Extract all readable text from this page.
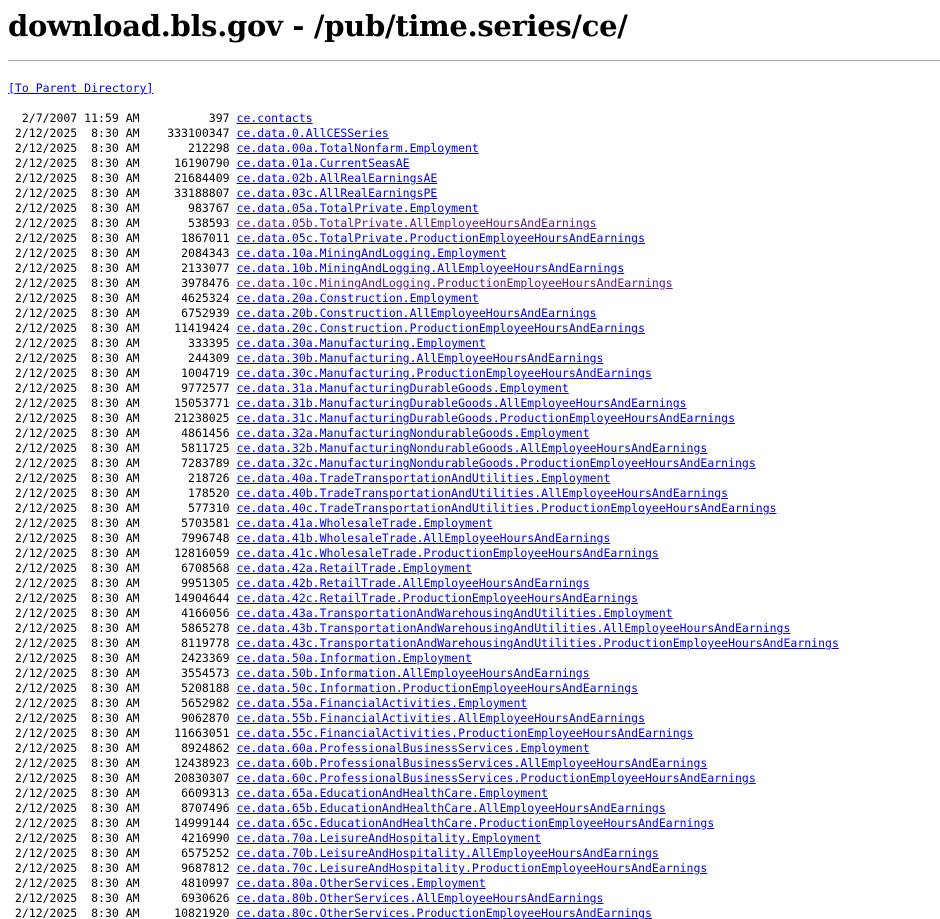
download.bls.gov - /pub/time.series/ce/
[To Parent Directory]
2/7/2007 11:59 AM          397 ce.contacts
2/12/2025  8:30 AM    333100347 ce.data.0.AllCESSeries
2/12/2025  8:30 AM       212298 ce.data.00a.TotalNonfarm.Employment
2/12/2025  8:30 AM     16190790 ce.data.01a.CurrentSeasAE
2/12/2025  8:30 AM     21684409 ce.data.02b.AllRealEarningsAE
2/12/2025  8:30 AM     33188807 ce.data.03c.AllRealEarningsPE
2/12/2025  8:30 AM       983767 ce.data.05a.TotalPrivate.Employment
2/12/2025  8:30 AM       538593 ce.data.05b.TotalPrivate.AllEmployeeHoursAndEarnings
2/12/2025  8:30 AM      1867011 ce.data.05c.TotalPrivate.ProductionEmployeeHoursAndEarnings
2/12/2025  8:30 AM      2084343 ce.data.10a.MiningAndLogging.Employment
2/12/2025  8:30 AM      2133077 ce.data.10b.MiningAndLogging.AllEmployeeHoursAndEarnings
2/12/2025  8:30 AM      3978476 ce.data.10c.MiningAndLogging.ProductionEmployeeHoursAndEarnings
2/12/2025  8:30 AM      4625324 ce.data.20a.Construction.Employment
2/12/2025  8:30 AM      6752939 ce.data.20b.Construction.AllEmployeeHoursAndEarnings
2/12/2025  8:30 AM     11419424 ce.data.20c.Construction.ProductionEmployeeHoursAndEarnings
2/12/2025  8:30 AM       333395 ce.data.30a.Manufacturing.Employment
2/12/2025  8:30 AM       244309 ce.data.30b.Manufacturing.AllEmployeeHoursAndEarnings
2/12/2025  8:30 AM      1004719 ce.data.30c.Manufacturing.ProductionEmployeeHoursAndEarnings
2/12/2025  8:30 AM      9772577 ce.data.31a.ManufacturingDurableGoods.Employment
2/12/2025  8:30 AM     15053771 ce.data.31b.ManufacturingDurableGoods.AllEmployeeHoursAndEarnings
2/12/2025  8:30 AM     21238025 ce.data.31c.ManufacturingDurableGoods.ProductionEmployeeHoursAndEarnings
2/12/2025  8:30 AM      4861456 ce.data.32a.ManufacturingNondurableGoods.Employment
2/12/2025  8:30 AM      5811725 ce.data.32b.ManufacturingNondurableGoods.AllEmployeeHoursAndEarnings
2/12/2025  8:30 AM      7283789 ce.data.32c.ManufacturingNondurableGoods.ProductionEmployeeHoursAndEarnings
2/12/2025  8:30 AM       218726 ce.data.40a.TradeTransportationAndUtilities.Employment
2/12/2025  8:30 AM       178520 ce.data.40b.TradeTransportationAndUtilities.AllEmployeeHoursAndEarnings
2/12/2025  8:30 AM       577310 ce.data.40c.TradeTransportationAndUtilities.ProductionEmployeeHoursAndEarnings
2/12/2025  8:30 AM      5703581 ce.data.41a.WholesaleTrade.Employment
2/12/2025  8:30 AM      7996748 ce.data.41b.WholesaleTrade.AllEmployeeHoursAndEarnings
2/12/2025  8:30 AM     12816059 ce.data.41c.WholesaleTrade.ProductionEmployeeHoursAndEarnings
2/12/2025  8:30 AM      6708568 ce.data.42a.RetailTrade.Employment
2/12/2025  8:30 AM      9951305 ce.data.42b.RetailTrade.AllEmployeeHoursAndEarnings
2/12/2025  8:30 AM     14904644 ce.data.42c.RetailTrade.ProductionEmployeeHoursAndEarnings
2/12/2025  8:30 AM      4166056 ce.data.43a.TransportationAndWarehousingAndUtilities.Employment
2/12/2025  8:30 AM      5865278 ce.data.43b.TransportationAndWarehousingAndUtilities.AllEmployeeHoursAndEarnings
2/12/2025  8:30 AM      8119778 ce.data.43c.TransportationAndWarehousingAndUtilities.ProductionEmployeeHoursAndEarnings
2/12/2025  8:30 AM      2423369 ce.data.50a.Information.Employment
2/12/2025  8:30 AM      3554573 ce.data.50b.Information.AllEmployeeHoursAndEarnings
2/12/2025  8:30 AM      5208188 ce.data.50c.Information.ProductionEmployeeHoursAndEarnings
2/12/2025  8:30 AM      5652982 ce.data.55a.FinancialActivities.Employment
2/12/2025  8:30 AM      9062870 ce.data.55b.FinancialActivities.AllEmployeeHoursAndEarnings
2/12/2025  8:30 AM     11663051 ce.data.55c.FinancialActivities.ProductionEmployeeHoursAndEarnings
2/12/2025  8:30 AM      8924862 ce.data.60a.ProfessionalBusinessServices.Employment
2/12/2025  8:30 AM     12438923 ce.data.60b.ProfessionalBusinessServices.AllEmployeeHoursAndEarnings
2/12/2025  8:30 AM     20830307 ce.data.60c.ProfessionalBusinessServices.ProductionEmployeeHoursAndEarnings
2/12/2025  8:30 AM      6609313 ce.data.65a.EducationAndHealthCare.Employment
2/12/2025  8:30 AM      8707496 ce.data.65b.EducationAndHealthCare.AllEmployeeHoursAndEarnings
2/12/2025  8:30 AM     14999144 ce.data.65c.EducationAndHealthCare.ProductionEmployeeHoursAndEarnings
2/12/2025  8:30 AM      4216990 ce.data.70a.LeisureAndHospitality.Employment
2/12/2025  8:30 AM      6575252 ce.data.70b.LeisureAndHospitality.AllEmployeeHoursAndEarnings
2/12/2025  8:30 AM      9687812 ce.data.70c.LeisureAndHospitality.ProductionEmployeeHoursAndEarnings
2/12/2025  8:30 AM      4810997 ce.data.80a.OtherServices.Employment
2/12/2025  8:30 AM      6930626 ce.data.80b.OtherServices.AllEmployeeHoursAndEarnings
2/12/2025  8:30 AM     10821920 ce.data.80c.OtherServices.ProductionEmployeeHoursAndEarnings
